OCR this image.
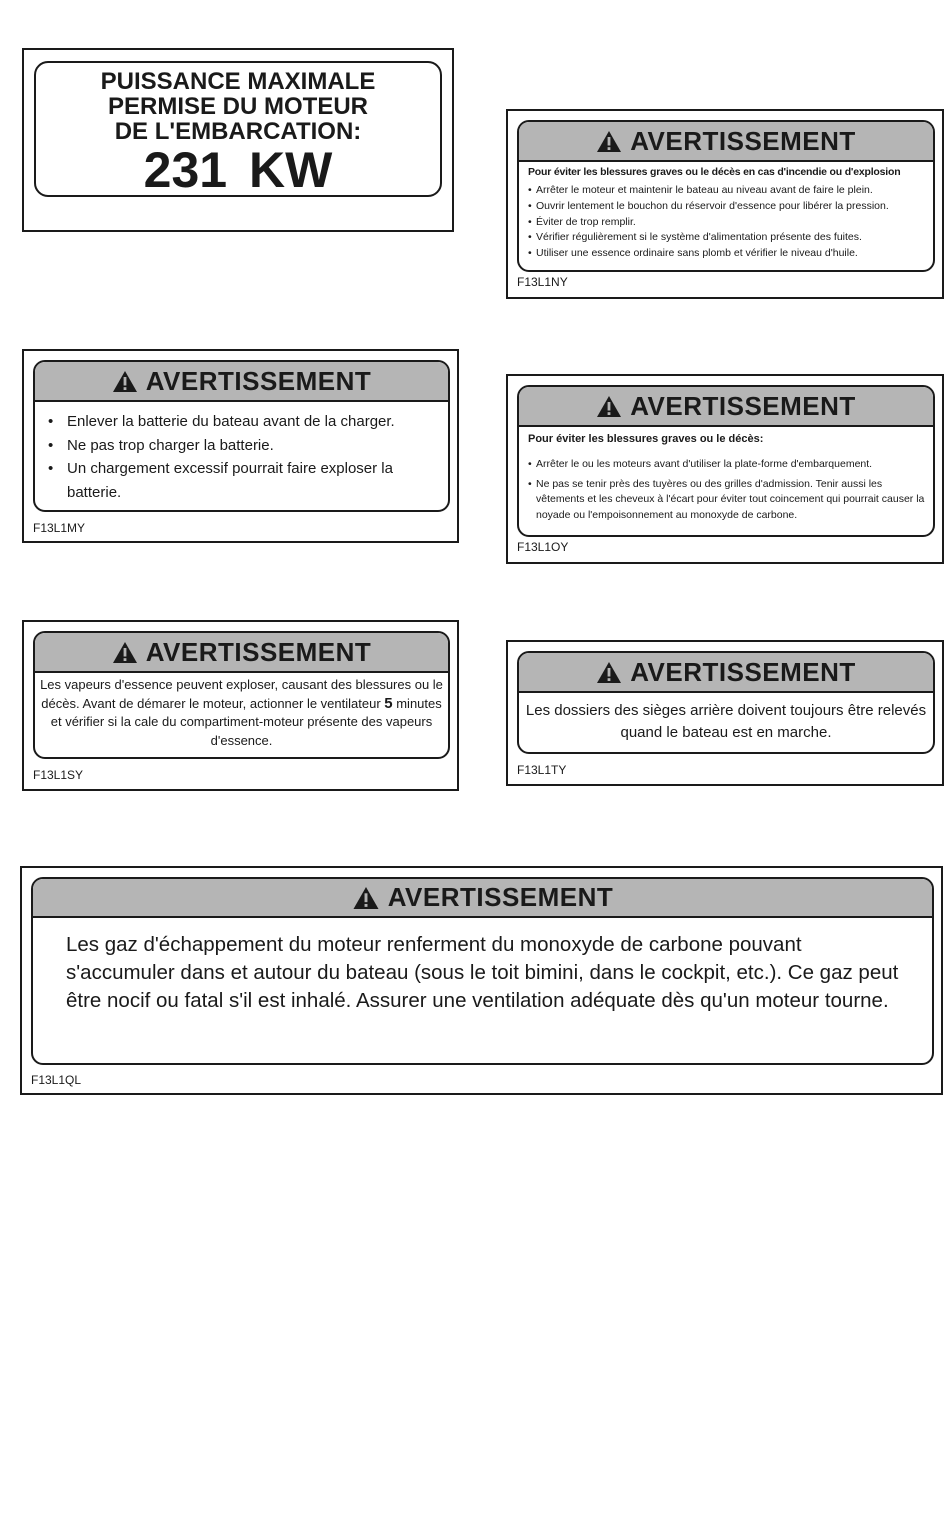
PUISSANCE MAXIMALE
PERMISE DU MOTEUR
DE L'EMBARCATION:
231 KW
AVERTISSEMENT
Pour éviter les blessures graves ou le décès en cas d'incendie ou d'explosion
• Arrêter le moteur et maintenir le bateau au niveau avant de faire le plein.
• Ouvrir lentement le bouchon du réservoir d'essence pour libérer la pression.
• Éviter de trop remplir.
• Vérifier régulièrement si le système d'alimentation présente des fuites.
• Utiliser une essence ordinaire sans plomb et vérifier le niveau d'huile.
F13L1NY
AVERTISSEMENT
• Enlever la batterie du bateau avant de la charger.
• Ne pas trop charger la batterie.
• Un chargement excessif pourrait faire exploser la batterie.
F13L1MY
AVERTISSEMENT
Pour éviter les blessures graves ou le décès:
• Arrêter le ou les moteurs avant d'utiliser la plate-forme d'embarquement.
• Ne pas se tenir près des tuyères ou des grilles d'admission. Tenir aussi les vêtements et les cheveux à l'écart pour éviter tout coincement qui pourrait causer la noyade ou l'empoisonnement au monoxyde de carbone.
F13L1OY
AVERTISSEMENT
Les vapeurs d'essence peuvent exploser, causant des blessures ou le décès. Avant de démarer le moteur, actionner le ventilateur 5 minutes et vérifier si la cale du compartiment-moteur présente des vapeurs d'essence.
F13L1SY
AVERTISSEMENT
Les dossiers des sièges arrière doivent toujours être relevés quand le bateau est en marche.
F13L1TY
AVERTISSEMENT
Les gaz d'échappement du moteur renferment du monoxyde de carbone pouvant s'accumuler dans et autour du bateau (sous le toit bimini, dans le cockpit, etc.). Ce gaz peut être nocif ou fatal s'il est inhalé. Assurer une ventilation adéquate dès qu'un moteur tourne.
F13L1QL
